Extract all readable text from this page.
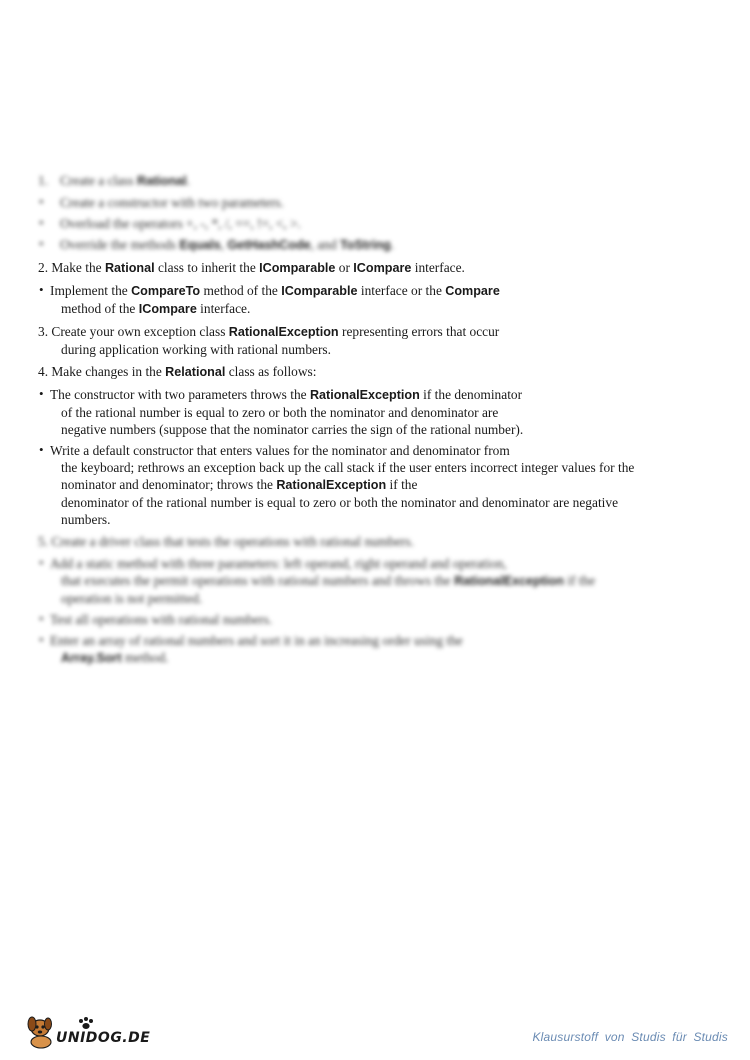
1. Create a class Rational.
• Create a constructor with two parameters.
• Overload the operators +, -, *, /, ==, !=, <, >.
• Override the methods Equals, GetHashCode, and ToString.
2. Make the Rational class to inherit the IComparable or ICompare interface.
• Implement the CompareTo method of the IComparable interface or the Compare
method of the ICompare interface.
3. Create your own exception class RationalException representing errors that occur
during application working with rational numbers.
4. Make changes in the Relational class as follows:
• The constructor with two parameters throws the RationalException if the denominator
of the rational number is equal to zero or both the nominator and denominator are
negative numbers (suppose that the nominator carries the sign of the rational number).
• Write a default constructor that enters values for the nominator and denominator from
the keyboard; rethrows an exception back up the call stack if the user enters incorrect integer values for the
nominator and denominator; throws the RationalException if the
denominator of the rational number is equal to zero or both the nominator and denominator are negative
numbers.
5. Create a driver class that tests the operations with rational numbers.
• Add a static method with three parameters: left operand, right operand and operation,
that executes the permit operations with rational numbers and throws the RationalException if the
operation is not permitted.
• Test all operations with rational numbers.
• Enter an array of rational numbers and sort it in an increasing order using the
Array.Sort method.
UNIDOG.DE	Klausurstoff von Studis für Studis
